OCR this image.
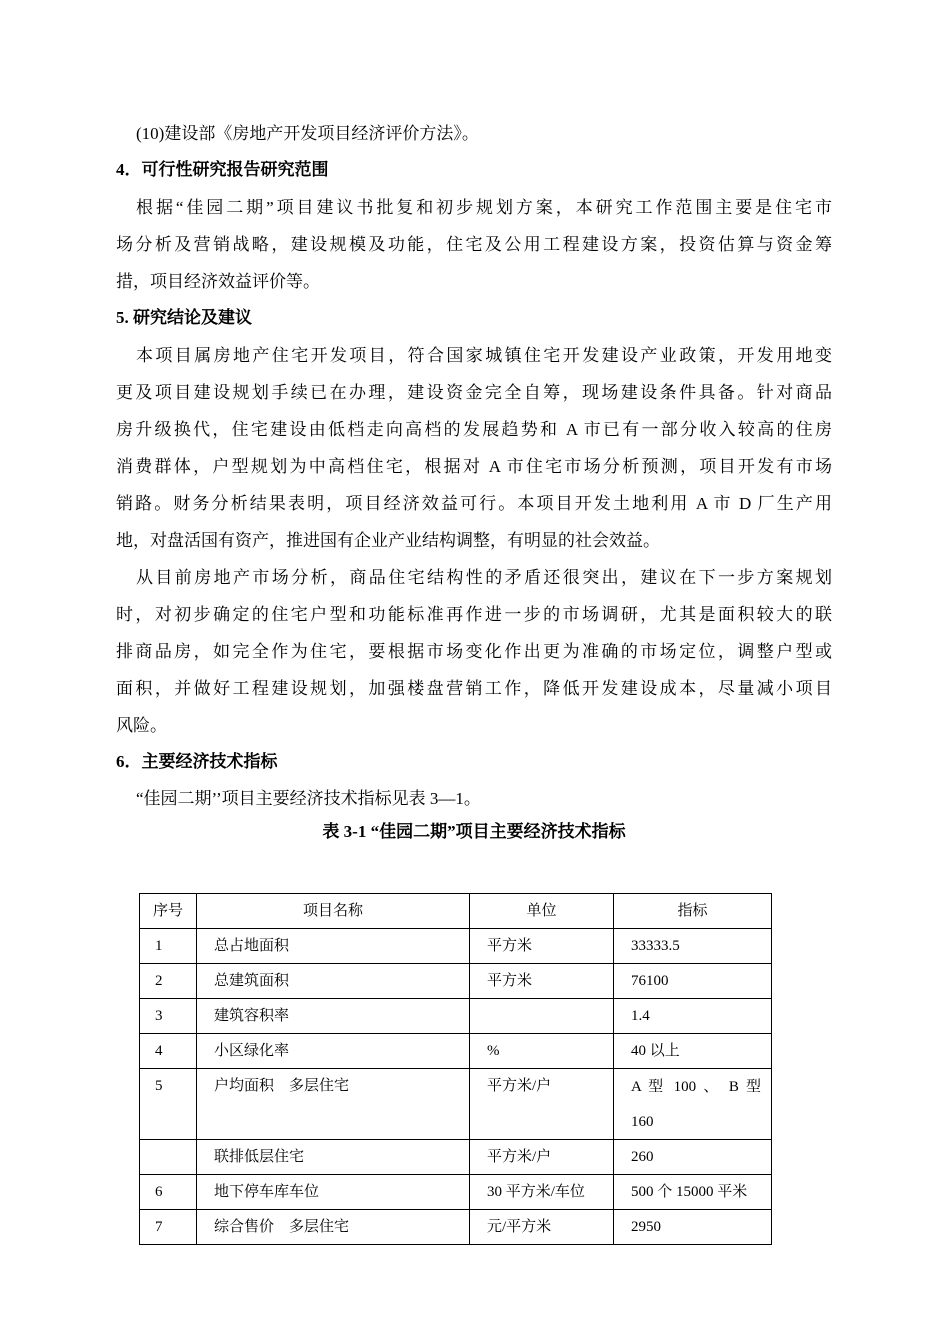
(10)建设部《房地产开发项目经济评价方法》。
4．可行性研究报告研究范围
根据“佳园二期”项目建议书批复和初步规划方案，本研究工作范围主要是住宅市
场分析及营销战略，建设规模及功能，住宅及公用工程建设方案，投资估算与资金筹
措，项目经济效益评价等。
5. 研究结论及建议
本项目属房地产住宅开发项目，符合国家城镇住宅开发建设产业政策，开发用地变
更及项目建设规划手续已在办理，建设资金完全自筹，现场建设条件具备。针对商品
房升级换代，住宅建设由低档走向高档的发展趋势和 A 市已有一部分收入较高的住房
消费群体，户型规划为中高档住宅，根据对 A 市住宅市场分析预测，项目开发有市场
销路。财务分析结果表明，项目经济效益可行。本项目开发土地利用 A 市 D 厂生产用
地，对盘活国有资产，推进国有企业产业结构调整，有明显的社会效益。
从目前房地产市场分析，商品住宅结构性的矛盾还很突出，建议在下一步方案规划
时，对初步确定的住宅户型和功能标准再作进一步的市场调研，尤其是面积较大的联
排商品房，如完全作为住宅，要根据市场变化作出更为准确的市场定位，调整户型或
面积，并做好工程建设规划，加强楼盘营销工作，降低开发建设成本，尽量减小项目
风险。
6．主要经济技术指标
“佳园二期’’项目主要经济技术指标见表 3—1。
表 3-1 “佳园二期”项目主要经济技术指标
序号	项目名称	单位	指标
1	总占地面积	平方米	33333.5
2	总建筑面积	平方米	76100
3	建筑容积率		1.4
4	小区绿化率	%	40 以上
5	户均面积　多层住宅	平方米/户	A 型 100 、 B 型
160
	联排低层住宅	平方米/户	260
6	地下停车库车位	30 平方米/车位	500 个 15000 平米
7	综合售价　多层住宅	元/平方米	2950
